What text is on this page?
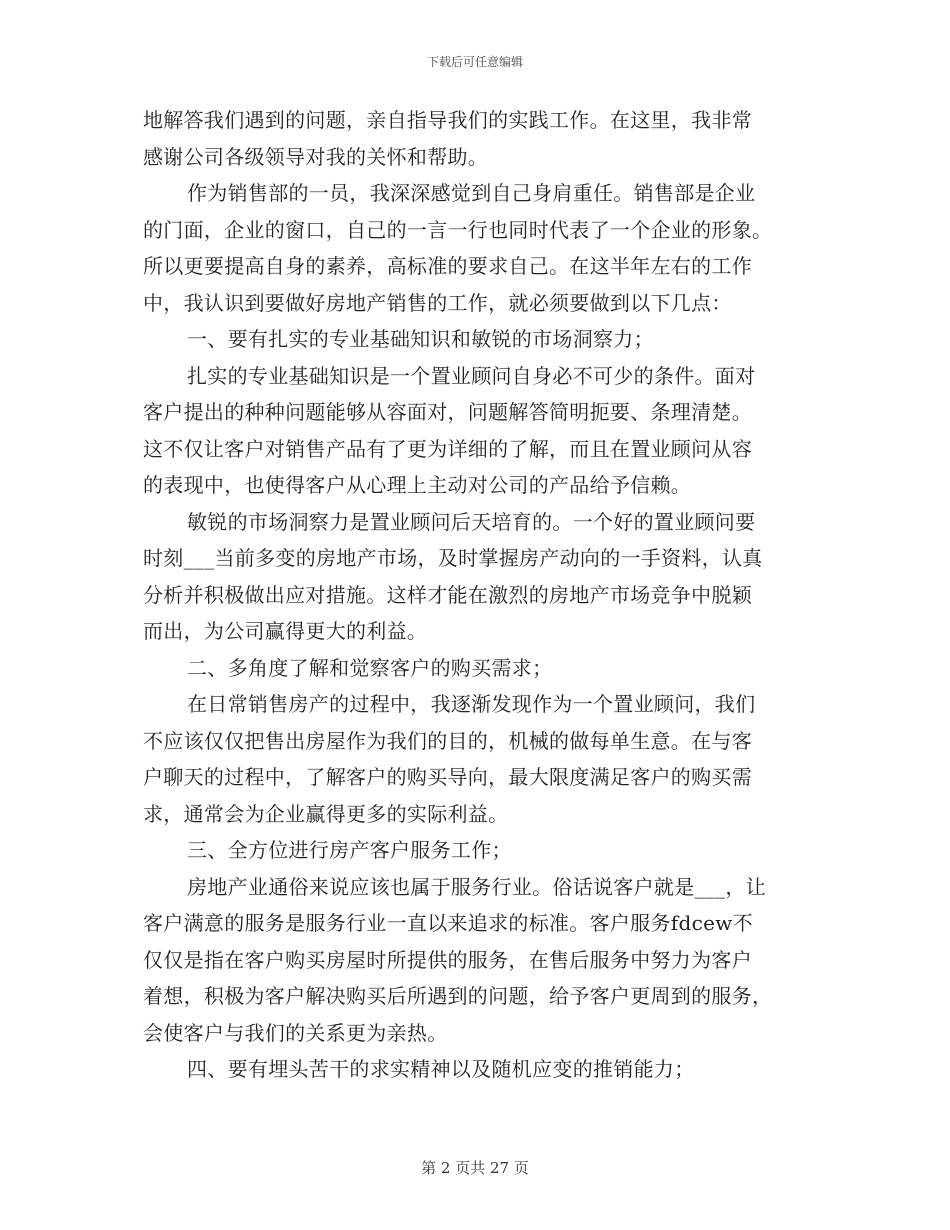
下载后可任意编辑
地解答我们遇到的问题，亲自指导我们的实践工作。在这里，我非常
感谢公司各级领导对我的关怀和帮助。
作为销售部的一员，我深深感觉到自己身肩重任。销售部是企业
的门面，企业的窗口，自己的一言一行也同时代表了一个企业的形象。
所以更要提高自身的素养，高标准的要求自己。在这半年左右的工作
中，我认识到要做好房地产销售的工作，就必须要做到以下几点：
一、要有扎实的专业基础知识和敏锐的市场洞察力；
扎实的专业基础知识是一个置业顾问自身必不可少的条件。面对
客户提出的种种问题能够从容面对，问题解答简明扼要、条理清楚。
这不仅让客户对销售产品有了更为详细的了解，而且在置业顾问从容
的表现中，也使得客户从心理上主动对公司的产品给予信赖。
敏锐的市场洞察力是置业顾问后天培育的。一个好的置业顾问要
时刻___当前多变的房地产市场，及时掌握房产动向的一手资料，认真
分析并积极做出应对措施。这样才能在激烈的房地产市场竞争中脱颖
而出，为公司赢得更大的利益。
二、多角度了解和觉察客户的购买需求；
在日常销售房产的过程中，我逐渐发现作为一个置业顾问，我们
不应该仅仅把售出房屋作为我们的目的，机械的做每单生意。在与客
户聊天的过程中，了解客户的购买导向，最大限度满足客户的购买需
求，通常会为企业赢得更多的实际利益。
三、全方位进行房产客户服务工作；
房地产业通俗来说应该也属于服务行业。俗话说客户就是___，让
客户满意的服务是服务行业一直以来追求的标准。客户服务fdcew不
仅仅是指在客户购买房屋时所提供的服务，在售后服务中努力为客户
着想，积极为客户解决购买后所遇到的问题，给予客户更周到的服务，
会使客户与我们的关系更为亲热。
四、要有埋头苦干的求实精神以及随机应变的推销能力；
第 2 页共 27 页
